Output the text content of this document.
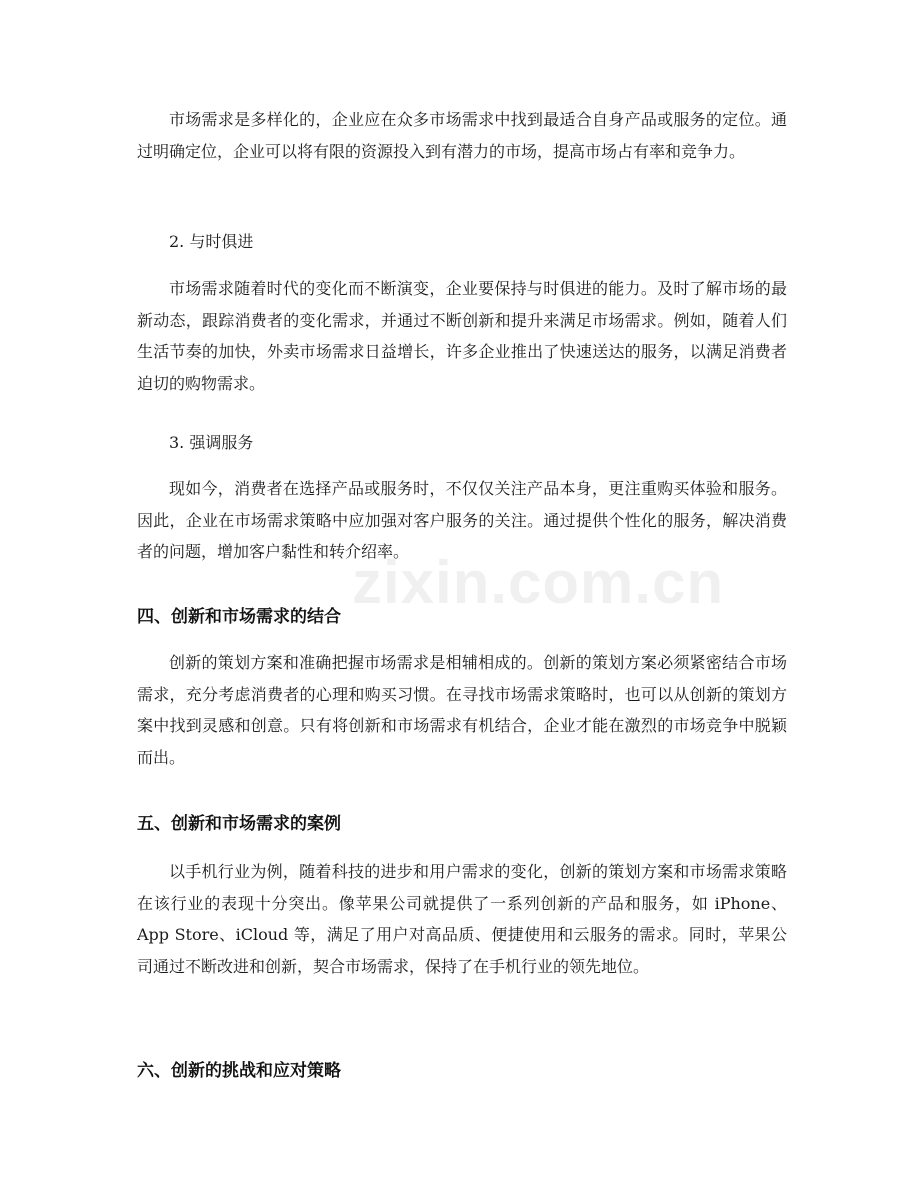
zixin.com.cn

市场需求是多样化的，企业应在众多市场需求中找到最适合自身产品或服务的定位。通过明确定位，企业可以将有限的资源投入到有潜力的市场，提高市场占有率和竞争力。

2. 与时俱进

市场需求随着时代的变化而不断演变，企业要保持与时俱进的能力。及时了解市场的最新动态，跟踪消费者的变化需求，并通过不断创新和提升来满足市场需求。例如，随着人们生活节奏的加快，外卖市场需求日益增长，许多企业推出了快速送达的服务，以满足消费者迫切的购物需求。

3. 强调服务

现如今，消费者在选择产品或服务时，不仅仅关注产品本身，更注重购买体验和服务。因此，企业在市场需求策略中应加强对客户服务的关注。通过提供个性化的服务，解决消费者的问题，增加客户黏性和转介绍率。

四、创新和市场需求的结合

创新的策划方案和准确把握市场需求是相辅相成的。创新的策划方案必须紧密结合市场需求，充分考虑消费者的心理和购买习惯。在寻找市场需求策略时，也可以从创新的策划方案中找到灵感和创意。只有将创新和市场需求有机结合，企业才能在激烈的市场竞争中脱颖而出。

五、创新和市场需求的案例

以手机行业为例，随着科技的进步和用户需求的变化，创新的策划方案和市场需求策略在该行业的表现十分突出。像苹果公司就提供了一系列创新的产品和服务，如 iPhone、App Store、iCloud 等，满足了用户对高品质、便捷使用和云服务的需求。同时，苹果公司通过不断改进和创新，契合市场需求，保持了在手机行业的领先地位。

六、创新的挑战和应对策略
